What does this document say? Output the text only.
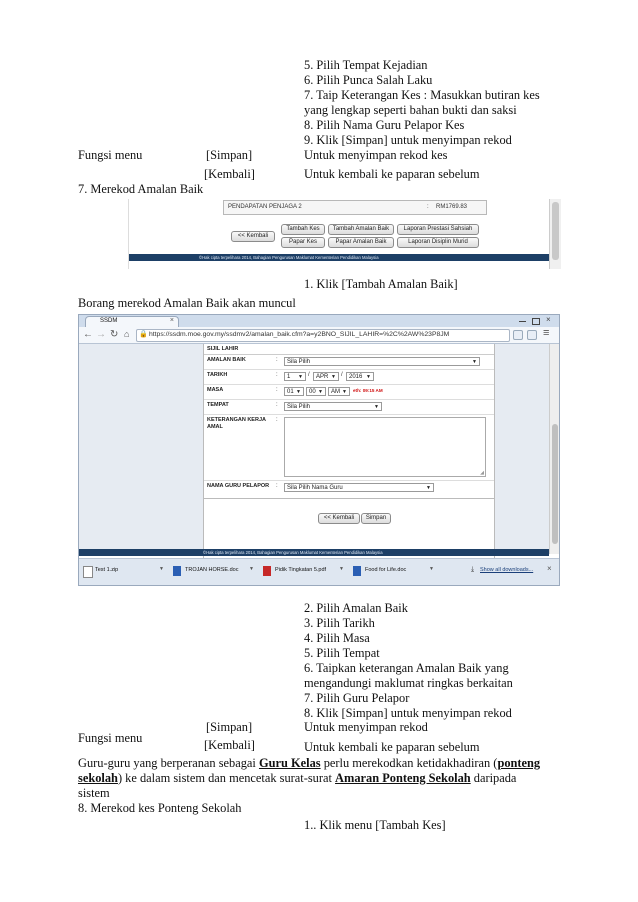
5. Pilih Tempat Kejadian
6. Pilih Punca Salah Laku
7. Taip Keterangan Kes : Masukkan butiran kes
yang lengkap seperti bahan bukti dan saksi
8. Pilih Nama Guru Pelapor Kes
9. Klik [Simpan] untuk menyimpan rekod
Fungsi menu	[Simpan]	Untuk menyimpan rekod kes
[Kembali]	Untuk kembali ke paparan sebelum
7. Merekod Amalan Baik
PENDAPATAN PENJAGA 2	: RM1769.83
<< Kembali
Tambah Kes	Tambah Amalan Baik	Laporan Prestasi Sahsiah
Papar Kes	Papar Amalan Baik	Laporan Disiplin Murid
©Hak cipta terpelihara 2014, Bahagian Pengurusan Maklumat Kementerian Pendidikan Malaysia
1. Klik [Tambah Amalan Baik]
Borang merekod Amalan Baik akan muncul
SSDM	×	×
← → ↻ ⌂ 🔒 https://ssdm.moe.gov.my/ssdmv2/amalan_baik.cfm?a=y2BNO_SIJIL_LAHIR=%2C%2AW%23P8JM	≡
SIJIL LAHIR
AMALAN BAIK	:	Sila Pilih	▼
TARIKH	:	1 ▼ /	APR ▼ /	2016 ▼
MASA	:	01 ▼	00 ▼	AM ▼ eth: 09:15 AM
TEMPAT	:	Sila Pilih	▼
KETERANGAN KERJA AMAL
:
◢
NAMA GURU PELAPOR	:	Sila Pilih Nama Guru	▼
<< Kembali	Simpan
©Hak cipta terpelihara 2014, Bahagian Pengurusan Maklumat Kementerian Pendidikan Malaysia
Test 1.zip	▼	TROJAN HORSE.doc ▼	Pidik Tingkatan 5.pdf	▼	Food for Life.doc	▼	⤓ Show all downloads... ×
2. Pilih Amalan Baik
3. Pilih Tarikh
4. Pilih Masa
5. Pilih Tempat
6. Taipkan keterangan Amalan Baik yang
mengandungi maklumat ringkas berkaitan
7. Pilih Guru Pelapor
8. Klik [Simpan] untuk menyimpan rekod
[Simpan]	Untuk menyimpan rekod
Fungsi menu	[Kembali]	Untuk kembali ke paparan sebelum
Guru-guru yang berperanan sebagai Guru Kelas perlu merekodkan ketidakhadiran (ponteng
sekolah) ke dalam sistem dan mencetak surat-surat Amaran Ponteng Sekolah daripada
sistem
8. Merekod kes Ponteng Sekolah
1.. Klik menu [Tambah Kes]
